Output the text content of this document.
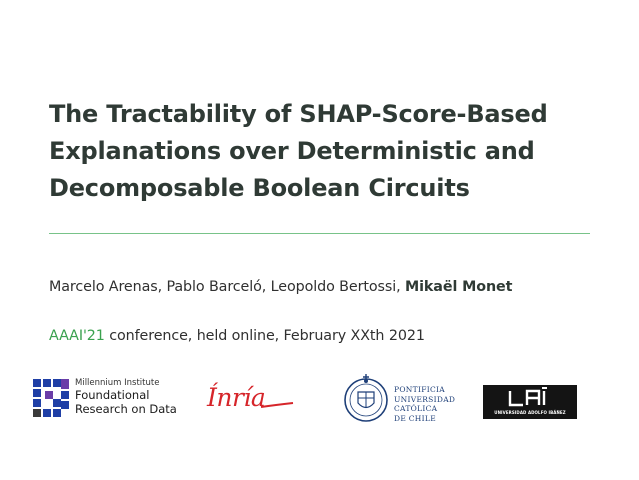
The Tractability of SHAP-Score-Based
Explanations over Deterministic and
Decomposable Boolean Circuits

Marcelo Arenas, Pablo Barceló, Leopoldo Bertossi, Mikaël Monet

AAAI'21 conference, held online, February XXth 2021

Millennium Institute
Foundational
Research on Data Ínría	PONTIFICIA
UNIVERSIDAD
CATÓLICA
DE CHILE
UNIVERSIDAD ADOLFO IBÁÑEZ
